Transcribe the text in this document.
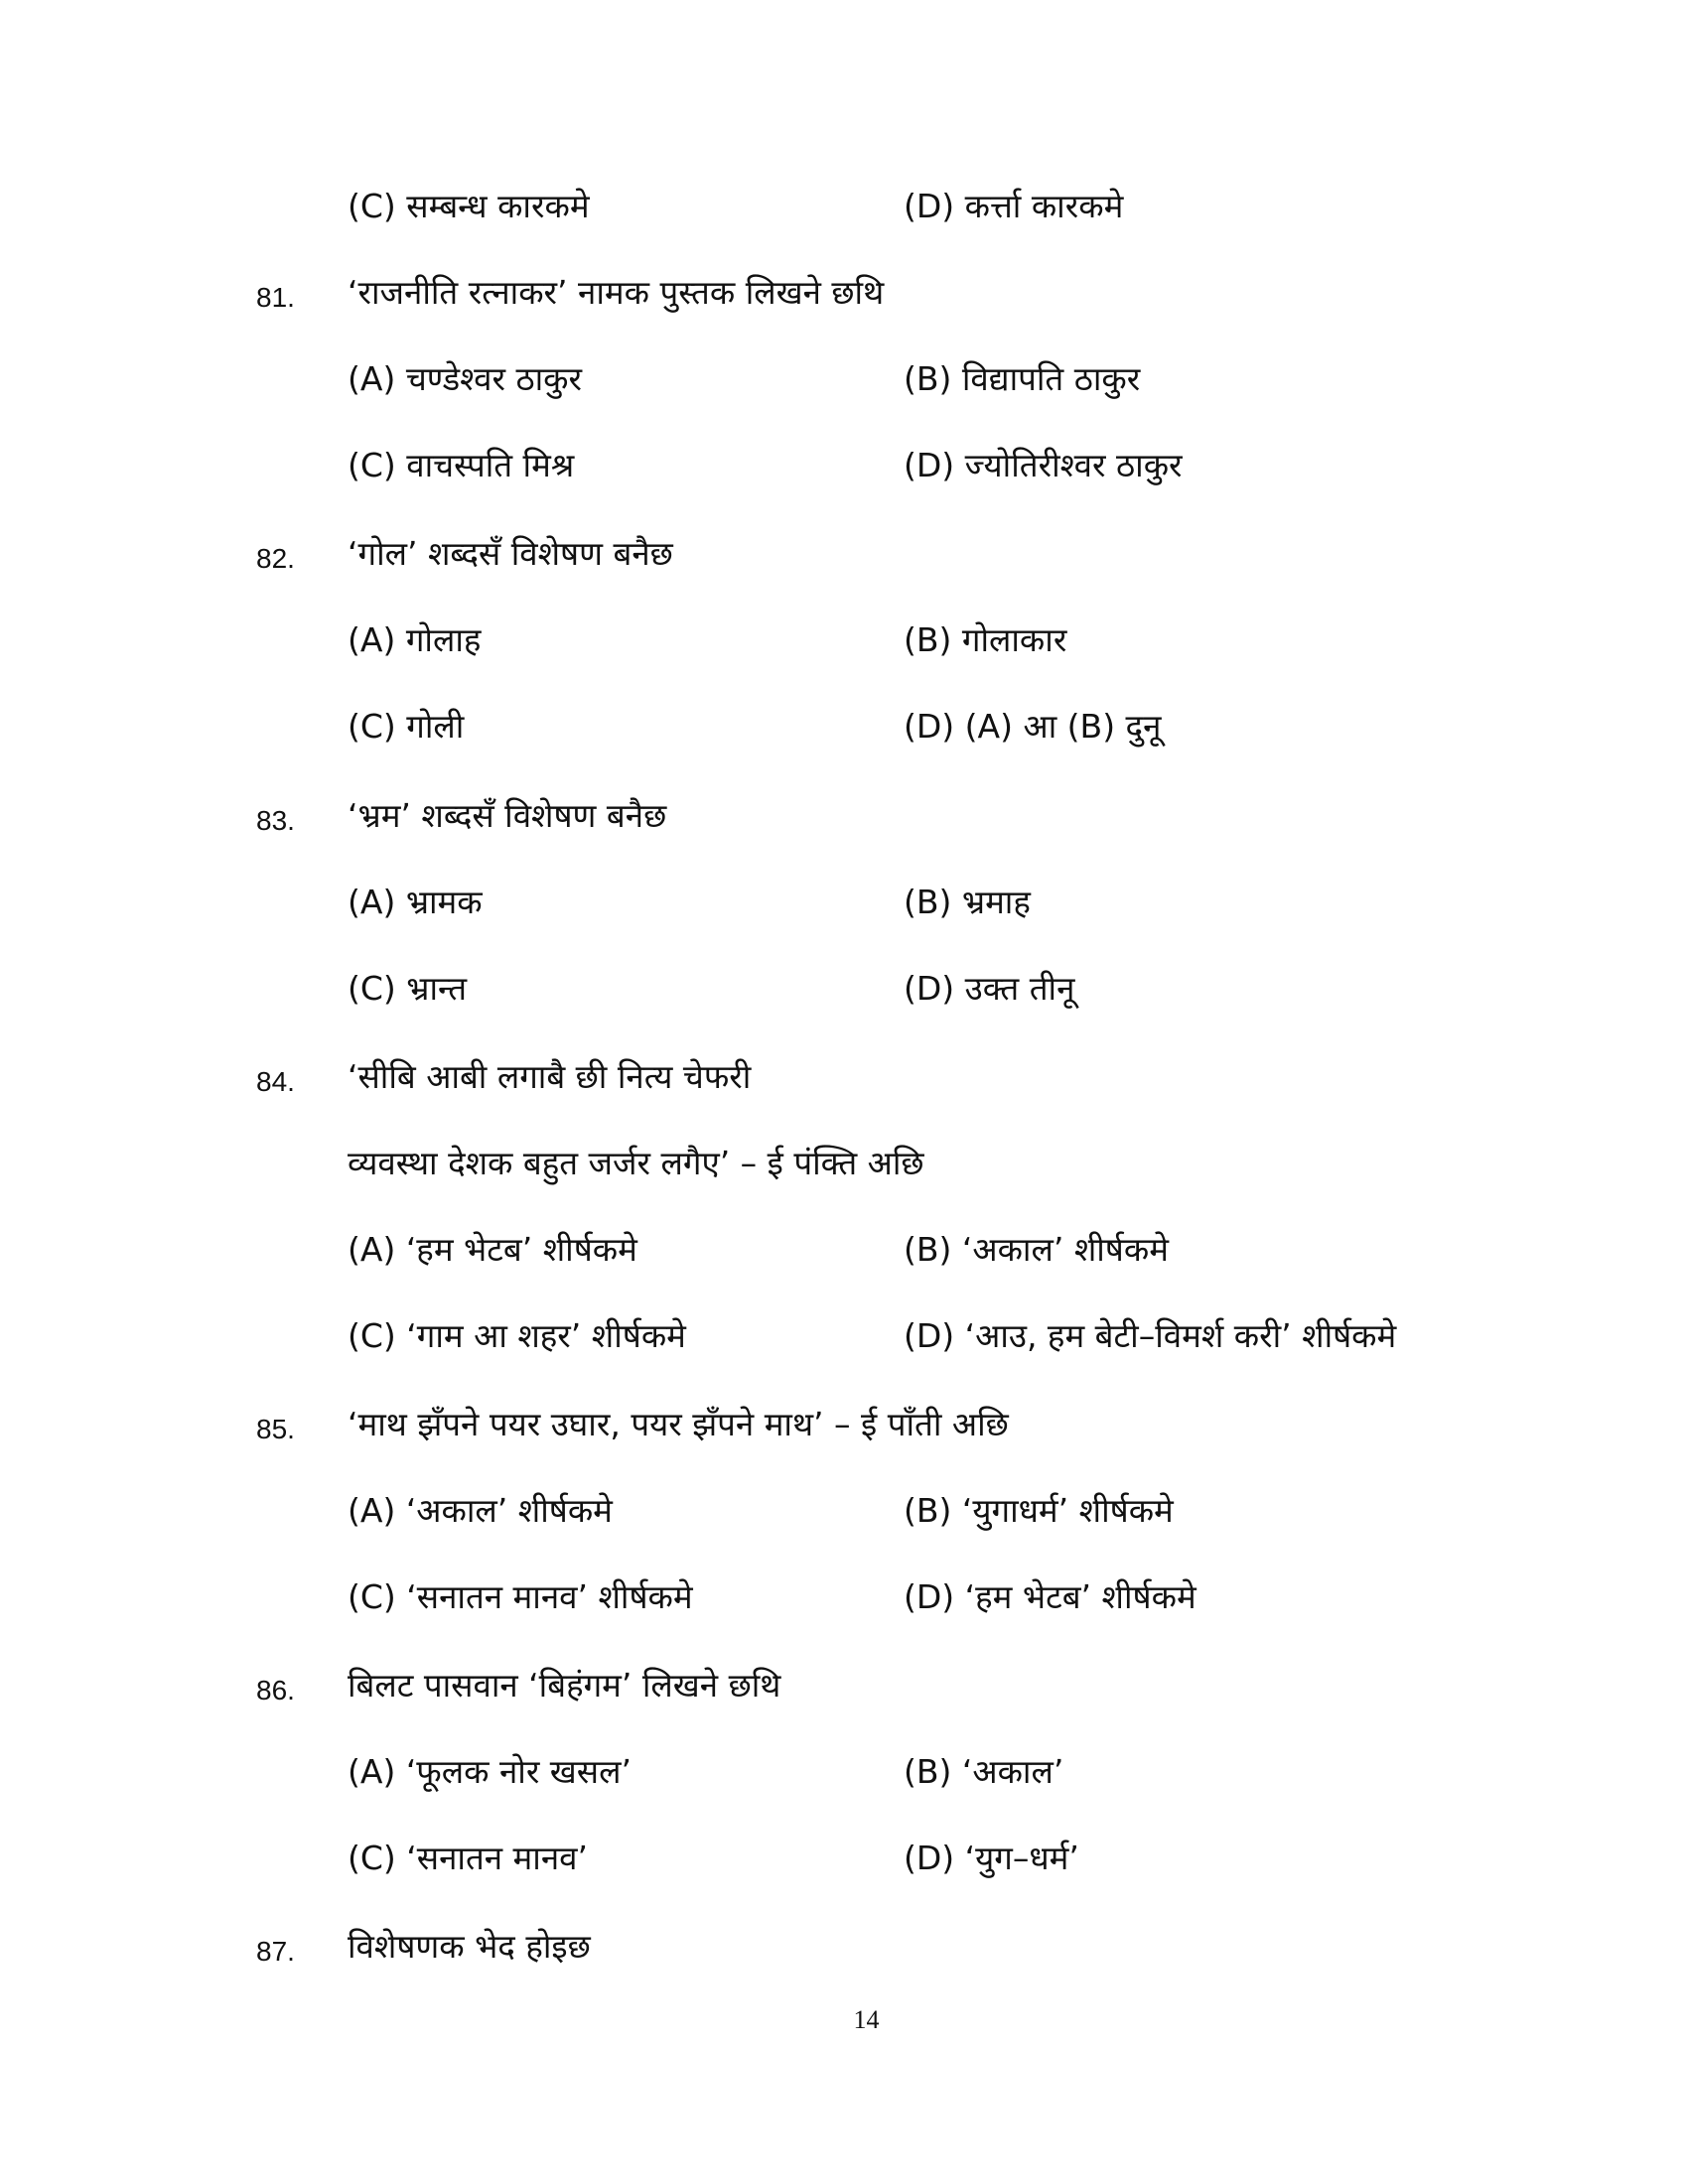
(C) सम्बन्ध कारकमे	(D) कर्त्ता कारकमे
81. ‘राजनीति रत्नाकर’ नामक पुस्तक लिखने छथि
(A) चण्डेश्वर ठाकुर	(B) विद्यापति ठाकुर
(C) वाचस्पति मिश्र	(D) ज्योतिरीश्वर ठाकुर
82. ‘गोल’ शब्दसँ विशेषण बनैछ
(A) गोलाह	(B) गोलाकार
(C) गोली	(D) (A) आ (B) दुनू
83. ‘भ्रम’ शब्दसँ विशेषण बनैछ
(A) भ्रामक	(B) भ्रमाह
(C) भ्रान्त	(D) उक्त तीनू
84. ‘सीबि आबी लगाबै छी नित्य चेफरी
व्यवस्था देशक बहुत जर्जर लगैए’ – ई पंक्ति अछि
(A) ‘हम भेटब’ शीर्षकमे	(B) ‘अकाल’ शीर्षकमे
(C) ‘गाम आ शहर’ शीर्षकमे	(D) ‘आउ, हम बेटी–विमर्श करी’ शीर्षकमे
85. ‘माथ झँपने पयर उघार, पयर झँपने माथ’ – ई पाँती अछि
(A) ‘अकाल’ शीर्षकमे	(B) ‘युगाधर्म’ शीर्षकमे
(C) ‘सनातन मानव’ शीर्षकमे	(D) ‘हम भेटब’ शीर्षकमे
86. बिलट पासवान ‘बिहंगम’ लिखने छथि
(A) ‘फूलक नोर खसल’	(B) ‘अकाल’
(C) ‘सनातन मानव’	(D) ‘युग–धर्म’
87. विशेषणक भेद होइछ
14
